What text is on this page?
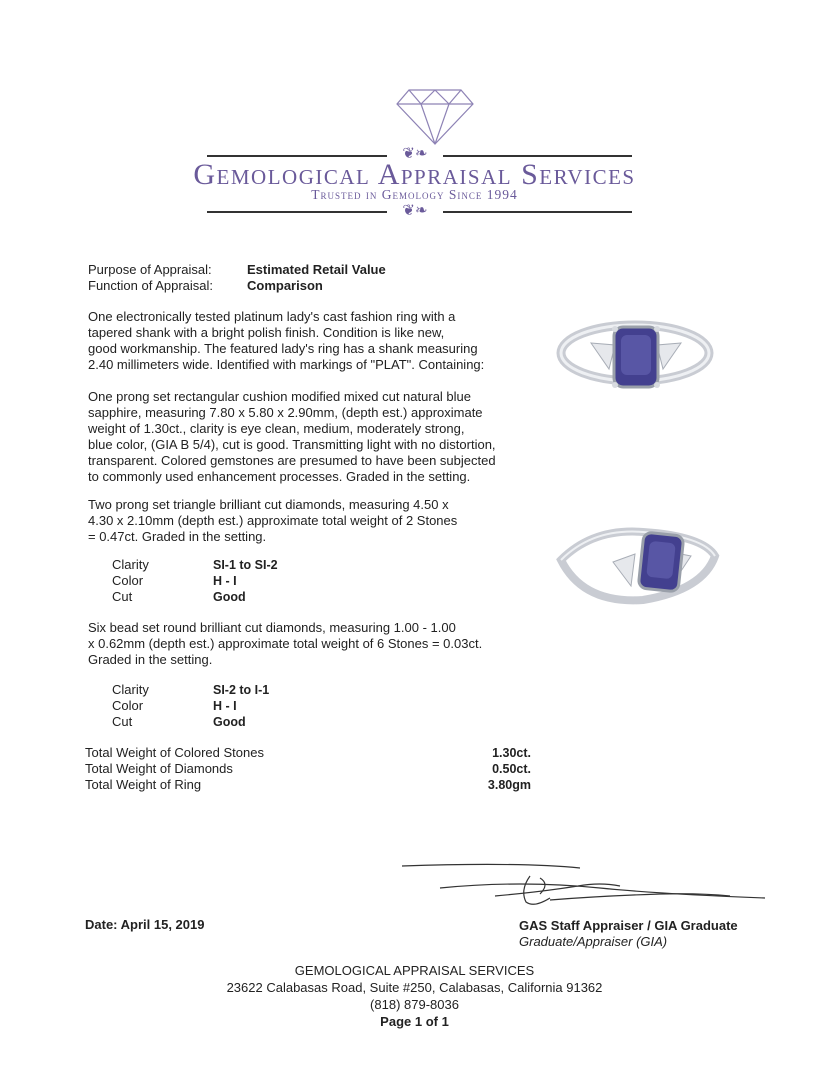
❦❧
Gemological Appraisal Services
Trusted in Gemology Since 1994
❦❧
Purpose of Appraisal:	Estimated Retail Value
Function of Appraisal:	Comparison
One electronically tested platinum lady's cast fashion ring with a
tapered shank with a bright polish finish. Condition is like new,
good workmanship. The featured lady's ring has a shank measuring
2.40 millimeters wide. Identified with markings of "PLAT". Containing:
One prong set rectangular cushion modified mixed cut natural blue
sapphire, measuring 7.80 x 5.80 x 2.90mm, (depth est.) approximate
weight of 1.30ct., clarity is eye clean, medium, moderately strong,
blue color, (GIA B 5/4), cut is good. Transmitting light with no distortion,
transparent. Colored gemstones are presumed to have been subjected
to commonly used enhancement processes. Graded in the setting.
Two prong set triangle brilliant cut diamonds, measuring 4.50 x
4.30 x 2.10mm (depth est.) approximate total weight of 2 Stones
= 0.47ct. Graded in the setting.
Clarity	SI-1 to SI-2
Color	H - I
Cut	Good
Six bead set round brilliant cut diamonds, measuring 1.00 - 1.00
x 0.62mm (depth est.) approximate total weight of 6 Stones = 0.03ct.
Graded in the setting.
Clarity	SI-2 to I-1
Color	H - I
Cut	Good
Total Weight of Colored Stones	1.30ct.
Total Weight of Diamonds	0.50ct.
Total Weight of Ring	3.80gm
Date: April 15, 2019	GAS Staff Appraiser / GIA Graduate
Graduate/Appraiser (GIA)
GEMOLOGICAL APPRAISAL SERVICES
23622 Calabasas Road, Suite #250, Calabasas, California 91362
(818) 879-8036
Page 1 of 1
